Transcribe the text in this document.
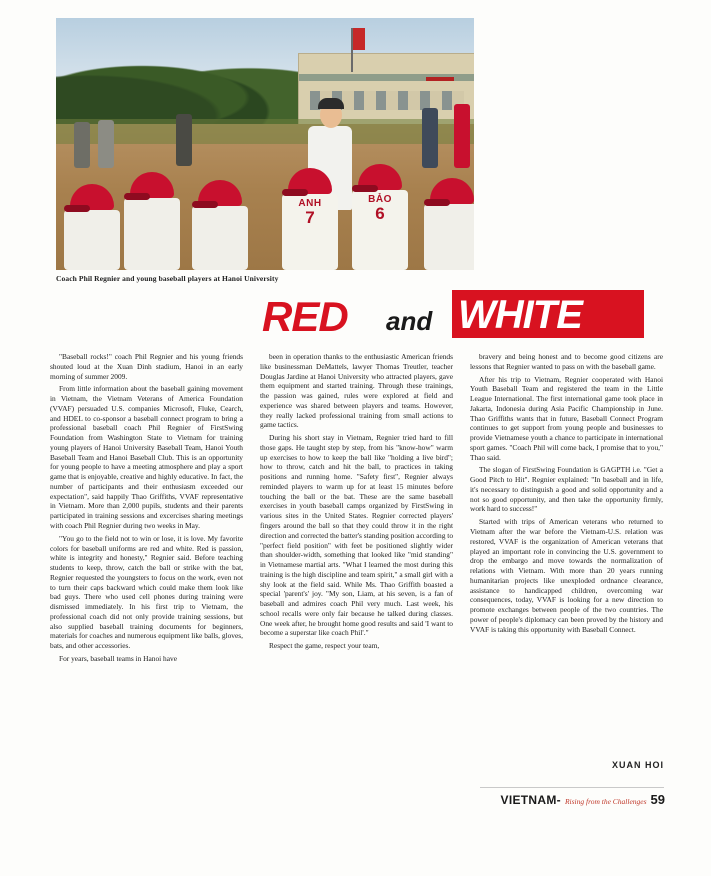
ANH
7
BẢO
6
Coach Phil Regnier and young baseball players at Hanoi University
RED and WHITE

"Baseball rocks!" coach Phil Regnier and his young friends shouted loud at the Xuan Dinh stadium, Hanoi in an early morning of summer 2009.

From little information about the baseball gaining movement in Vietnam, the Vietnam Veterans of America Foundation (VVAF) persuaded U.S. companies Microsoft, Fluke, Cearch, and HDEL to co-sponsor a baseball connect program to bring a professional baseball coach Phil Regnier of FirstSwing Foundation from Washington State to Vietnam for training young players of Hanoi University Baseball Team, Hanoi Youth Baseball Team and Hanoi Baseball Club. This is an opportunity for young people to have a meeting atmosphere and play a sport game that is enjoyable, creative and highly educative. In fact, the number of participants and their enthusiasm exceeded our expectation", said happily Thao Griffiths, VVAF representative in Vietnam. More than 2,000 pupils, students and their parents participated in training sessions and excercises sharing meetings with coach Phil Regnier during two weeks in May.

"You go to the field not to win or lose, it is love. My favorite colors for baseball uniforms are red and white. Red is passion, white is integrity and honesty," Regnier said. Before teaching students to keep, throw, catch the ball or strike with the bat, Regnier requested the youngsters to focus on the work, even not to turn their caps backward which could make them look like bad guys. There who used cell phones during training were dismissed immediately. In his first trip to Vietnam, the professional coach did not only provide training sessions, but also supplied baseball training documents for beginners, materials for coaches and numerous equipment like balls, gloves, bats, and other accessories.

For years, baseball teams in Hanoi have

been in operation thanks to the enthusiastic American friends like businessman DeMattels, lawyer Thomas Treutler, teacher Douglas Jardine at Hanoi University who attracted players, gave them equipment and started training. Through these trainings, the passion was gained, rules were explored at field and experience was shared between players and teams. However, they really lacked professional training from small actions to game tactics.

During his short stay in Vietnam, Regnier tried hard to fill those gaps. He taught step by step, from his "know-how" warm up exercises to how to keep the ball like "holding a live bird"; how to throw, catch and hit the ball, to practices in taking positions and running home. "Safety first", Regnier always reminded players to warm up for at least 15 minutes before touching the ball or the bat. These are the same baseball exercises in youth baseball camps organized by FirstSwing in various sites in the United States. Regnier corrected players' fingers around the ball so that they could throw it in the right direction and corrected the batter's standing position according to "perfect field position" with feet be positioned slightly wider than shoulder-width, something that looked like "mid standing" in Vietnamese martial arts. "What I learned the most during this training is the high discipline and team spirit," a small girl with a shy look at the field said. While Ms. Thao Griffith boasted a special 'parent's' joy. "My son, Liam, at his seven, is a fan of baseball and admires coach Phil very much. Last week, his school recalls were only fair because he talked during classes. One week after, he brought home good results and said 'I want to become a superstar like coach Phil'."

Respect the game, respect your team,

bravery and being honest and to become good citizens are lessons that Regnier wanted to pass on with the baseball game.

After his trip to Vietnam, Regnier cooperated with Hanoi Youth Baseball Team and registered the team in the Little League International. The first international game took place in Jakarta, Indonesia during Asia Pacific Championship in June. Thao Griffiths wants that in future, Baseball Connect Program continues to get support from young people and businesses to provide Vietnamese youth a chance to participate in international sport games. "Coach Phil will come back, I promise that to you," Thao said.

The slogan of FirstSwing Foundation is GAGPTH i.e. "Get a Good Pitch to Hit". Regnier explained: "In baseball and in life, it's necessary to distinguish a good and solid opportunity and a not so good opportunity, and then take the opportunity firmly, work hard to success!"

Started with trips of American veterans who returned to Vietnam after the war before the Vietnam-U.S. relation was restored, VVAF is the organization of American veterans that played an important role in convincing the U.S. government to drop the embargo and move towards the normalization of relations with Vietnam. With more than 20 years running humanitarian projects like unexploded ordnance clearance, assistance to handicapped children, overcoming war consequences, today, VVAF is looking for a new direction to promote exchanges between people of the two countries. The power of people's diplomacy can been proved by the history and VVAF is taking this opportunity with Baseball Connect.

XUAN HOI
VIETNAM- Rising from the Challenges 59
